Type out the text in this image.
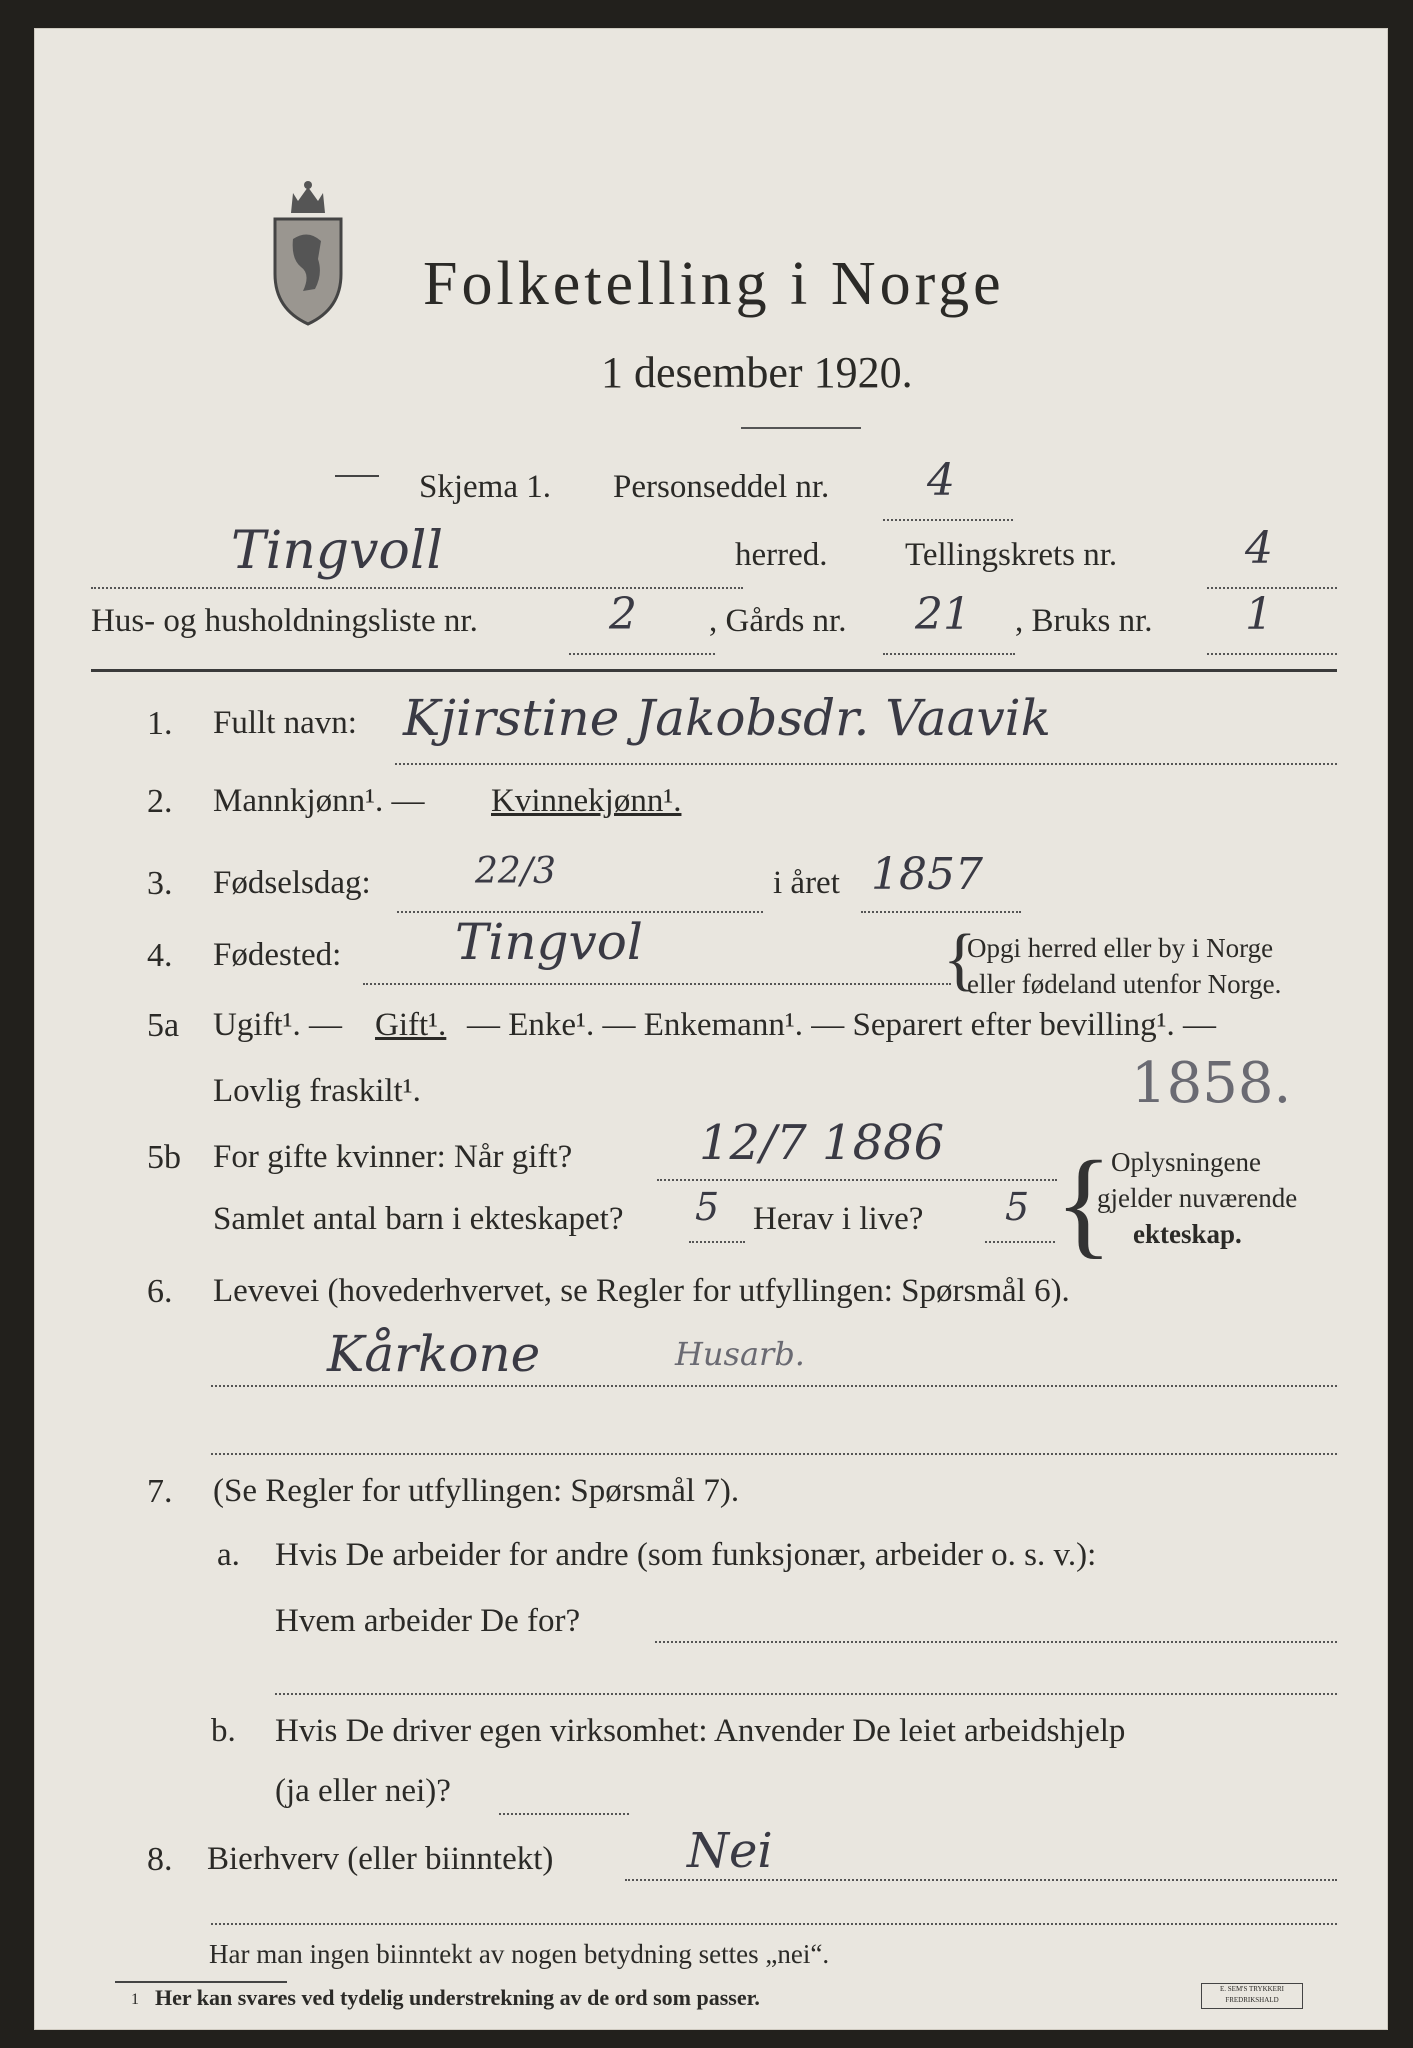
Folketelling i Norge
1 desember 1920.
Skjema 1. Personseddel nr. 4
Tingvoll	herred. Tellingskrets nr.	4
Hus- og husholdningsliste nr.	2 , Gårds nr. 21 , Bruks nr. 1
1. Fullt navn: Kjirstine Jakobsdr. Vaavik
2. Mannkjønn¹. — Kvinnekjønn¹.
3. Fødselsdag:	22/3	i året 1857
4. Fødested: Tingvol	{
Opgi herred eller by i Norge
eller fødeland utenfor Norge.
5a Ugift¹. — Gift¹. — Enke¹. — Enkemann¹. — Separert efter bevilling¹. —
Lovlig fraskilt¹.	1858.
5b For gifte kvinner: Når gift?	12/7 1886
Samlet antal barn i ekteskapet? 5 Herav i live? 5 {
Oplysningene
gjelder nuværende
ekteskap.
6. Levevei (hovederhvervet, se Regler for utfyllingen: Spørsmål 6).
Kårkone	Husarb.
7. (Se Regler for utfyllingen: Spørsmål 7).
a. Hvis De arbeider for andre (som funksjonær, arbeider o. s. v.):
Hvem arbeider De for?
b. Hvis De driver egen virksomhet: Anvender De leiet arbeidshjelp
(ja eller nei)?
8. Bierhverv (eller biinntekt)	Nei
Har man ingen biinntekt av nogen betydning settes „nei“.
1 Her kan svares ved tydelig understrekning av de ord som passer.	E. SEM'S TRYKKERI FREDRIKSHALD
